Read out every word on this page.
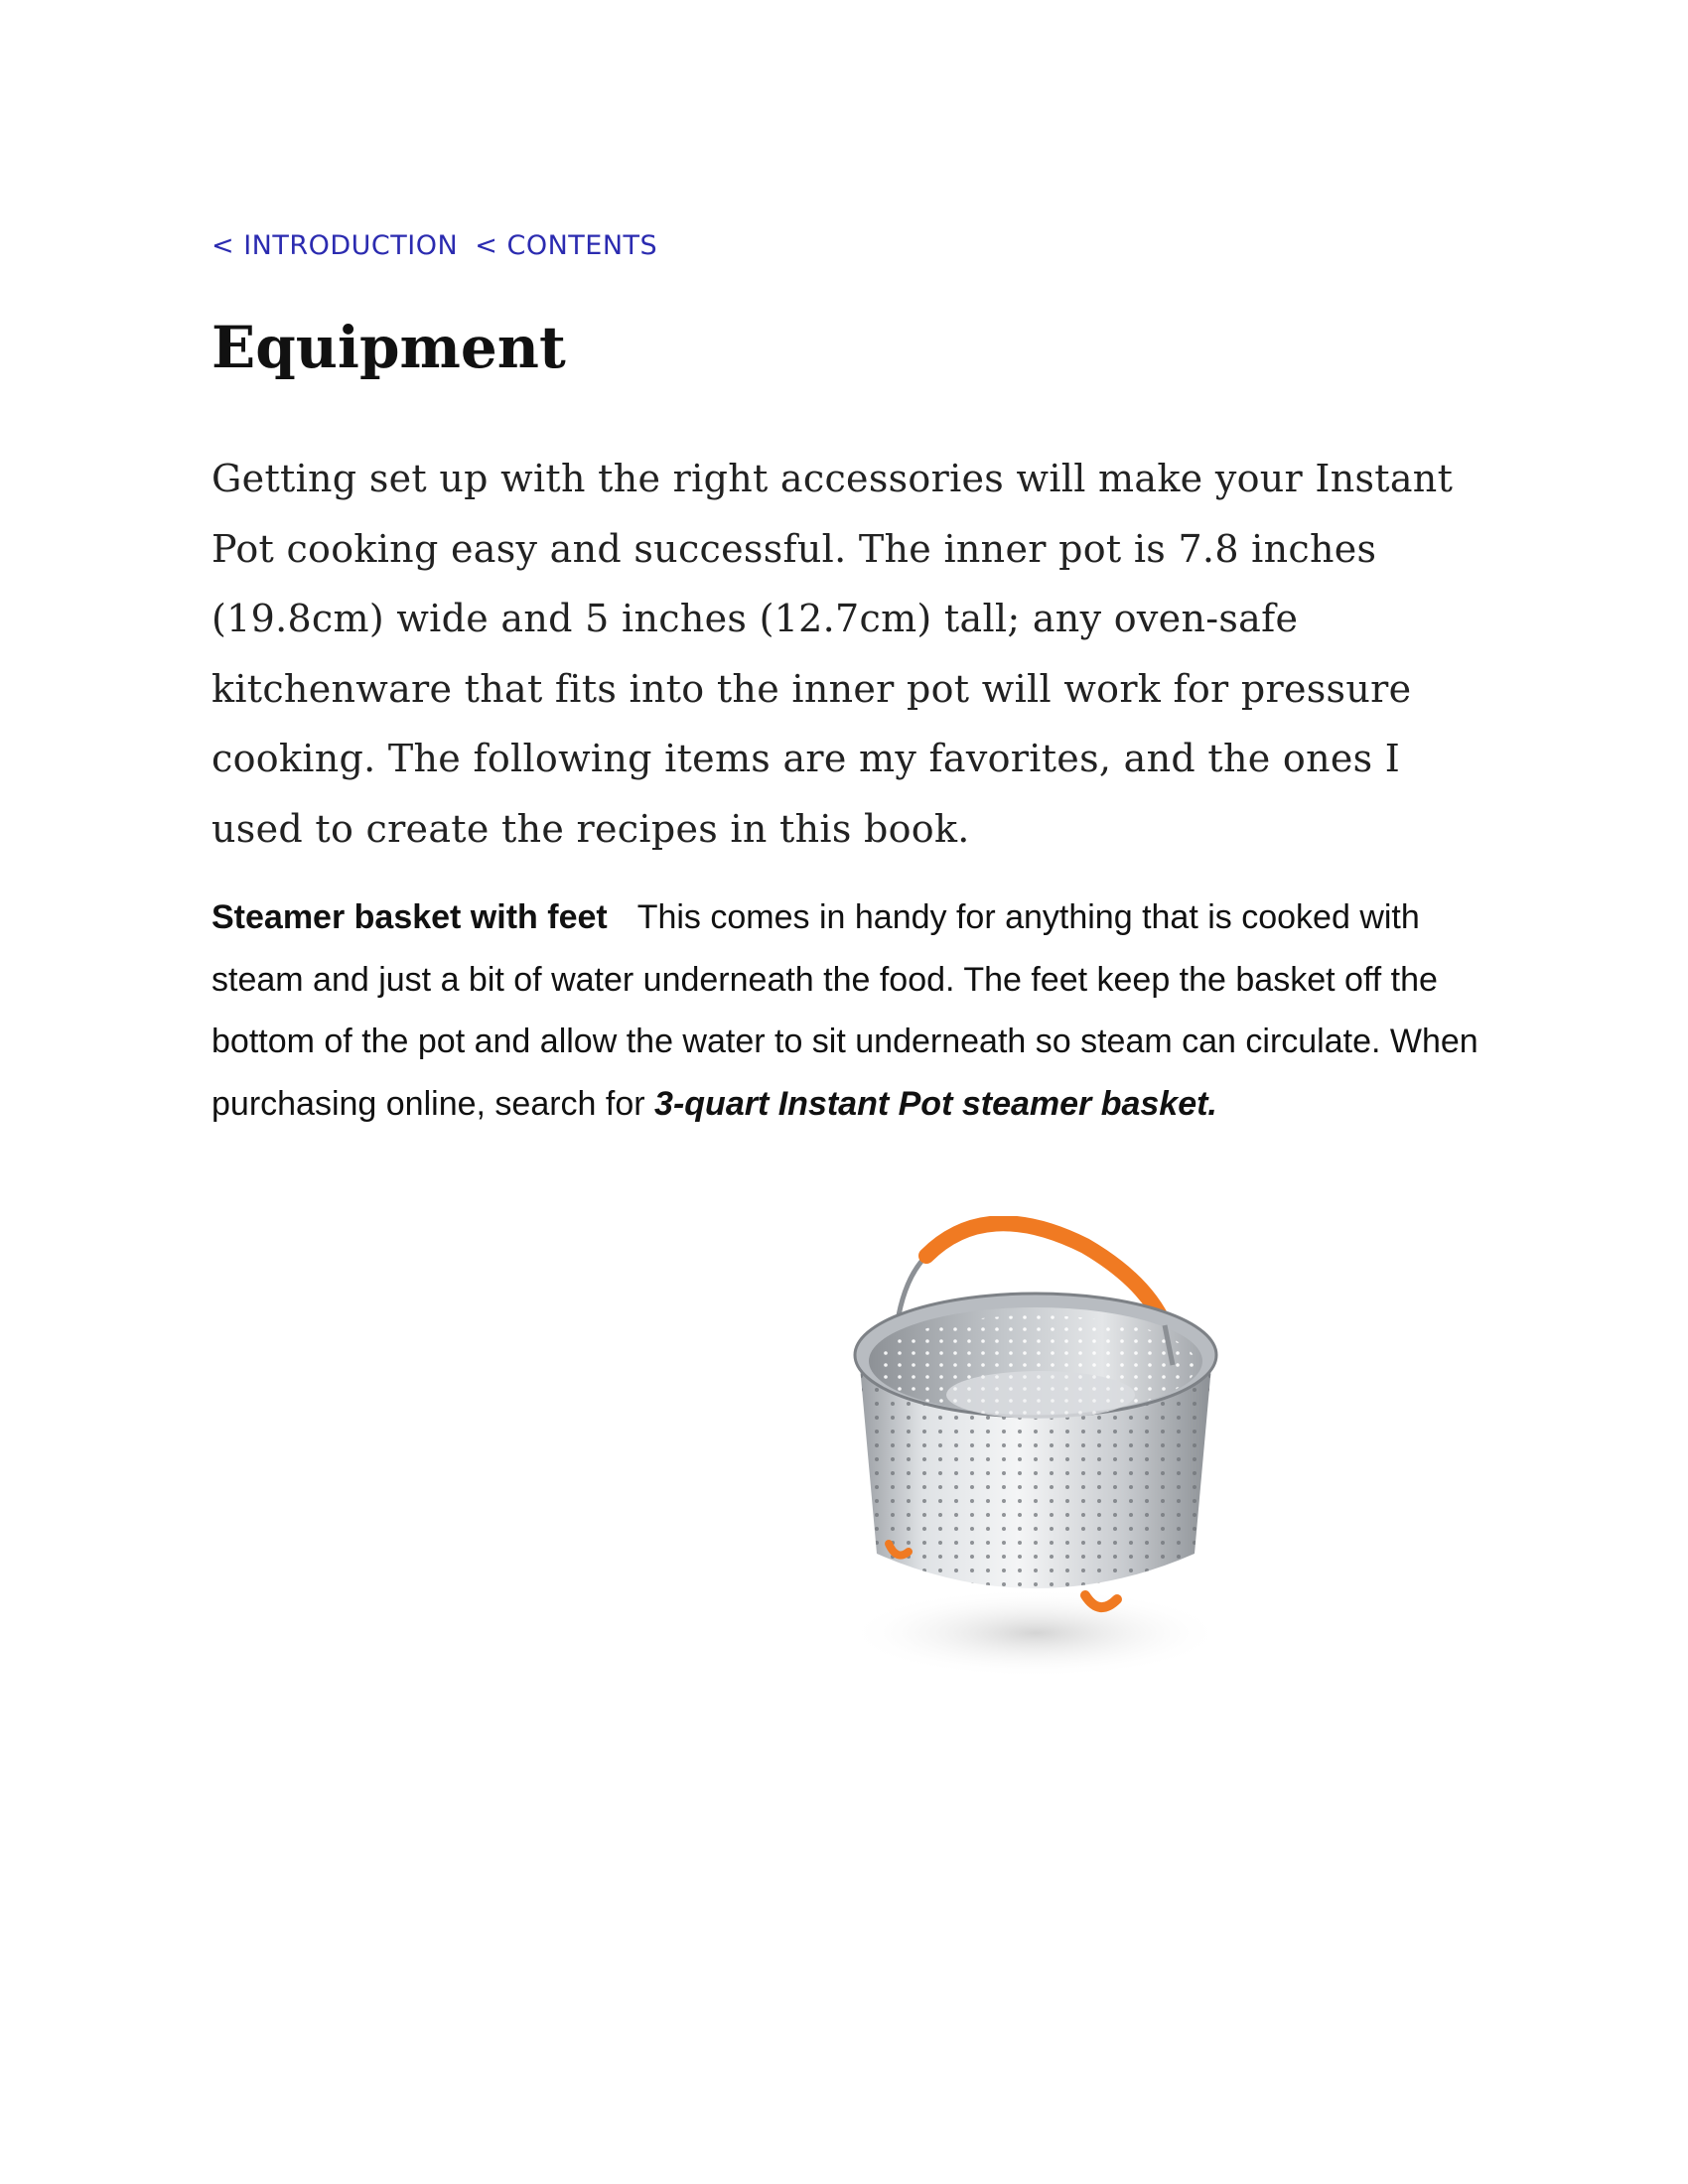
< INTRODUCTION < CONTENTS
Equipment

Getting set up with the right accessories will make your Instant Pot cooking easy and successful. The inner pot is 7.8 inches (19.8cm) wide and 5 inches (12.7cm) tall; any oven-safe kitchenware that fits into the inner pot will work for pressure cooking. The following items are my favorites, and the ones I used to create the recipes in this book.

Steamer basket with feet This comes in handy for anything that is cooked with steam and just a bit of water underneath the food. The feet keep the basket off the bottom of the pot and allow the water to sit underneath so steam can circulate. When purchasing online, search for 3-quart Instant Pot steamer basket.
